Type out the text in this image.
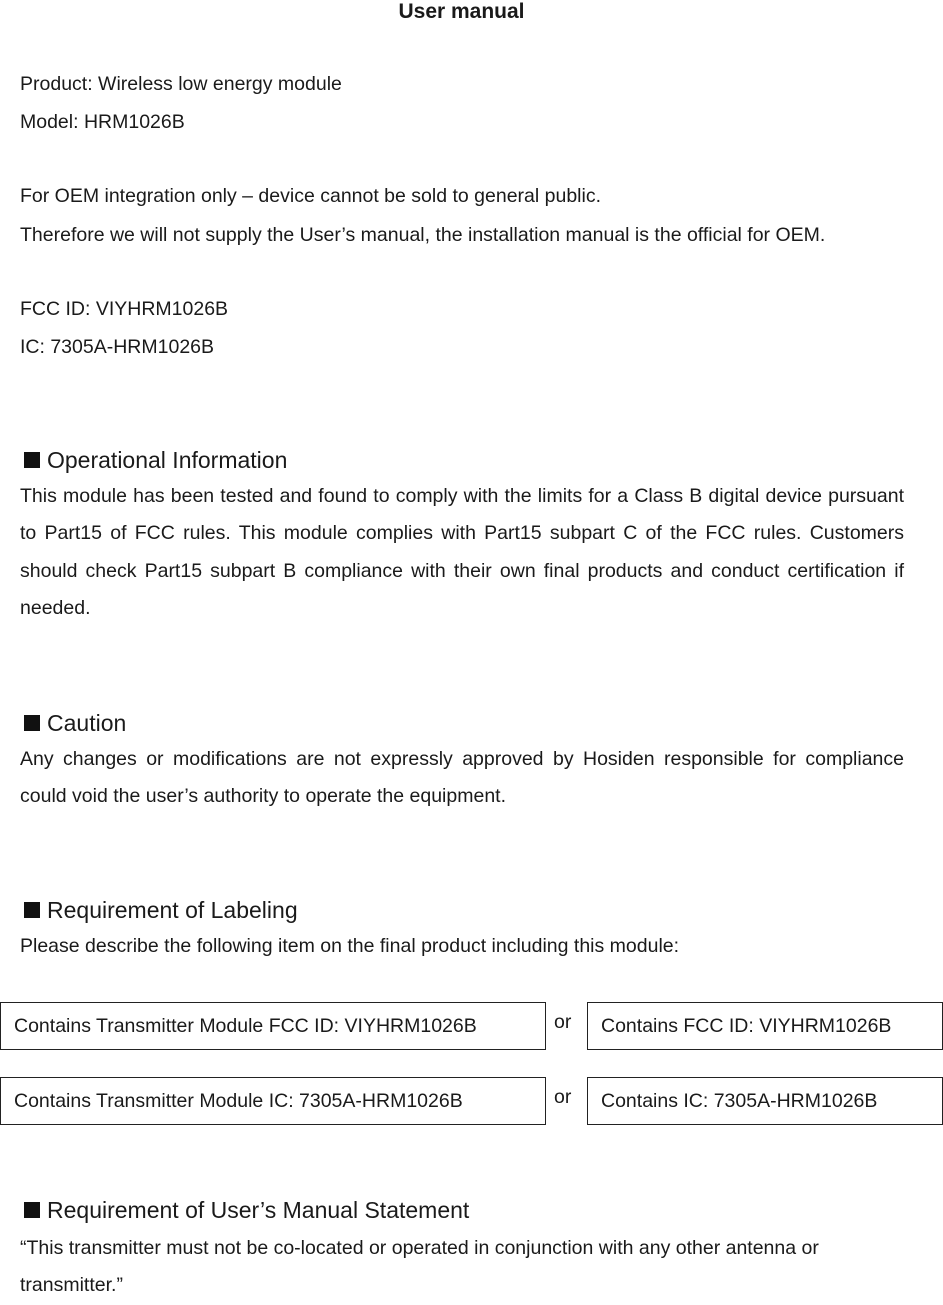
User manual
Product: Wireless low energy module
Model: HRM1026B
For OEM integration only – device cannot be sold to general public.
Therefore we will not supply the User’s manual, the installation manual is the official for OEM.
FCC ID: VIYHRM1026B
IC: 7305A-HRM1026B
Operational Information
This module has been tested and found to comply with the limits for a Class B digital device pursuant to Part15 of FCC rules. This module complies with Part15 subpart C of the FCC rules. Customers should check Part15 subpart B compliance with their own final products and conduct certification if needed.
Caution
Any changes or modifications are not expressly approved by Hosiden responsible for compliance could void the user’s authority to operate the equipment.
Requirement of Labeling
Please describe the following item on the final product including this module:
Contains Transmitter Module FCC ID: VIYHRM1026B	or Contains FCC ID: VIYHRM1026B
Contains Transmitter Module IC: 7305A-HRM1026B	or Contains IC: 7305A-HRM1026B
Requirement of User’s Manual Statement
“This transmitter must not be co-located or operated in conjunction with any other antenna or transmitter.”
